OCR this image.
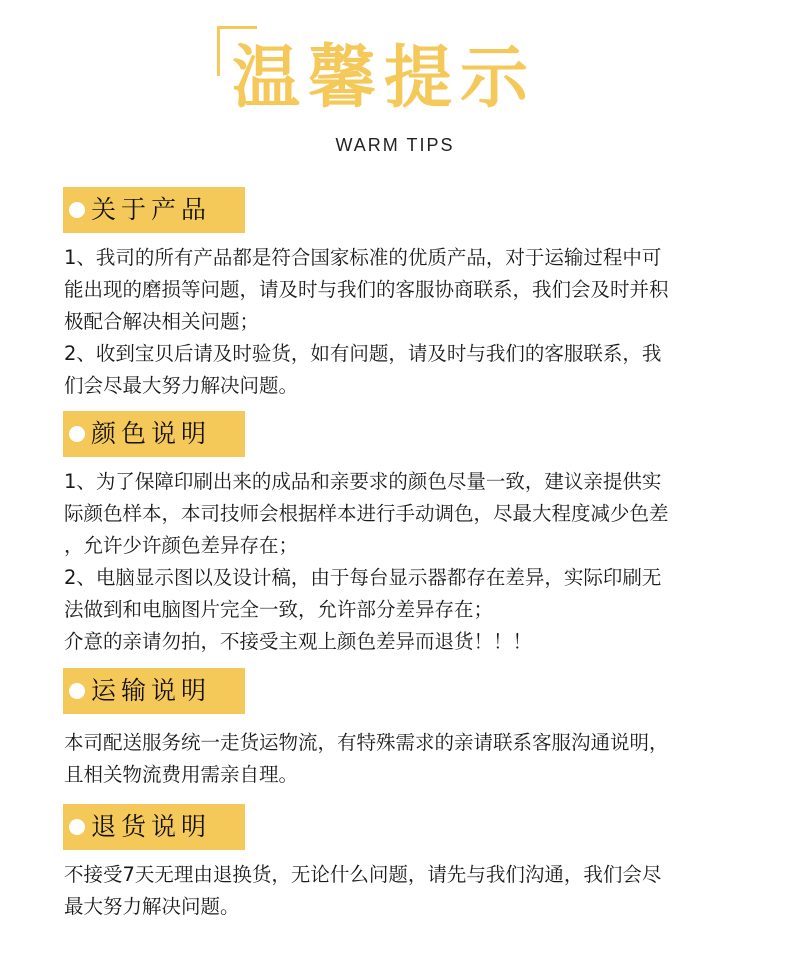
温馨提示
WARM TIPS
关于产品

1、我司的所有产品都是符合国家标准的优质产品，对于运输过程中可

能出现的磨损等问题，请及时与我们的客服协商联系，我们会及时并积

极配合解决相关问题；

2、收到宝贝后请及时验货，如有问题，请及时与我们的客服联系，我

们会尽最大努力解决问题。

颜色说明

1、为了保障印刷出来的成品和亲要求的颜色尽量一致，建议亲提供实

际颜色样本，本司技师会根据样本进行手动调色，尽最大程度减少色差

，允许少许颜色差异存在；

2、电脑显示图以及设计稿，由于每台显示器都存在差异，实际印刷无

法做到和电脑图片完全一致，允许部分差异存在；

介意的亲请勿拍，不接受主观上颜色差异而退货！！！

运输说明

本司配送服务统一走货运物流，有特殊需求的亲请联系客服沟通说明，

且相关物流费用需亲自理。

退货说明

不接受7天无理由退换货，无论什么问题，请先与我们沟通，我们会尽

最大努力解决问题。
